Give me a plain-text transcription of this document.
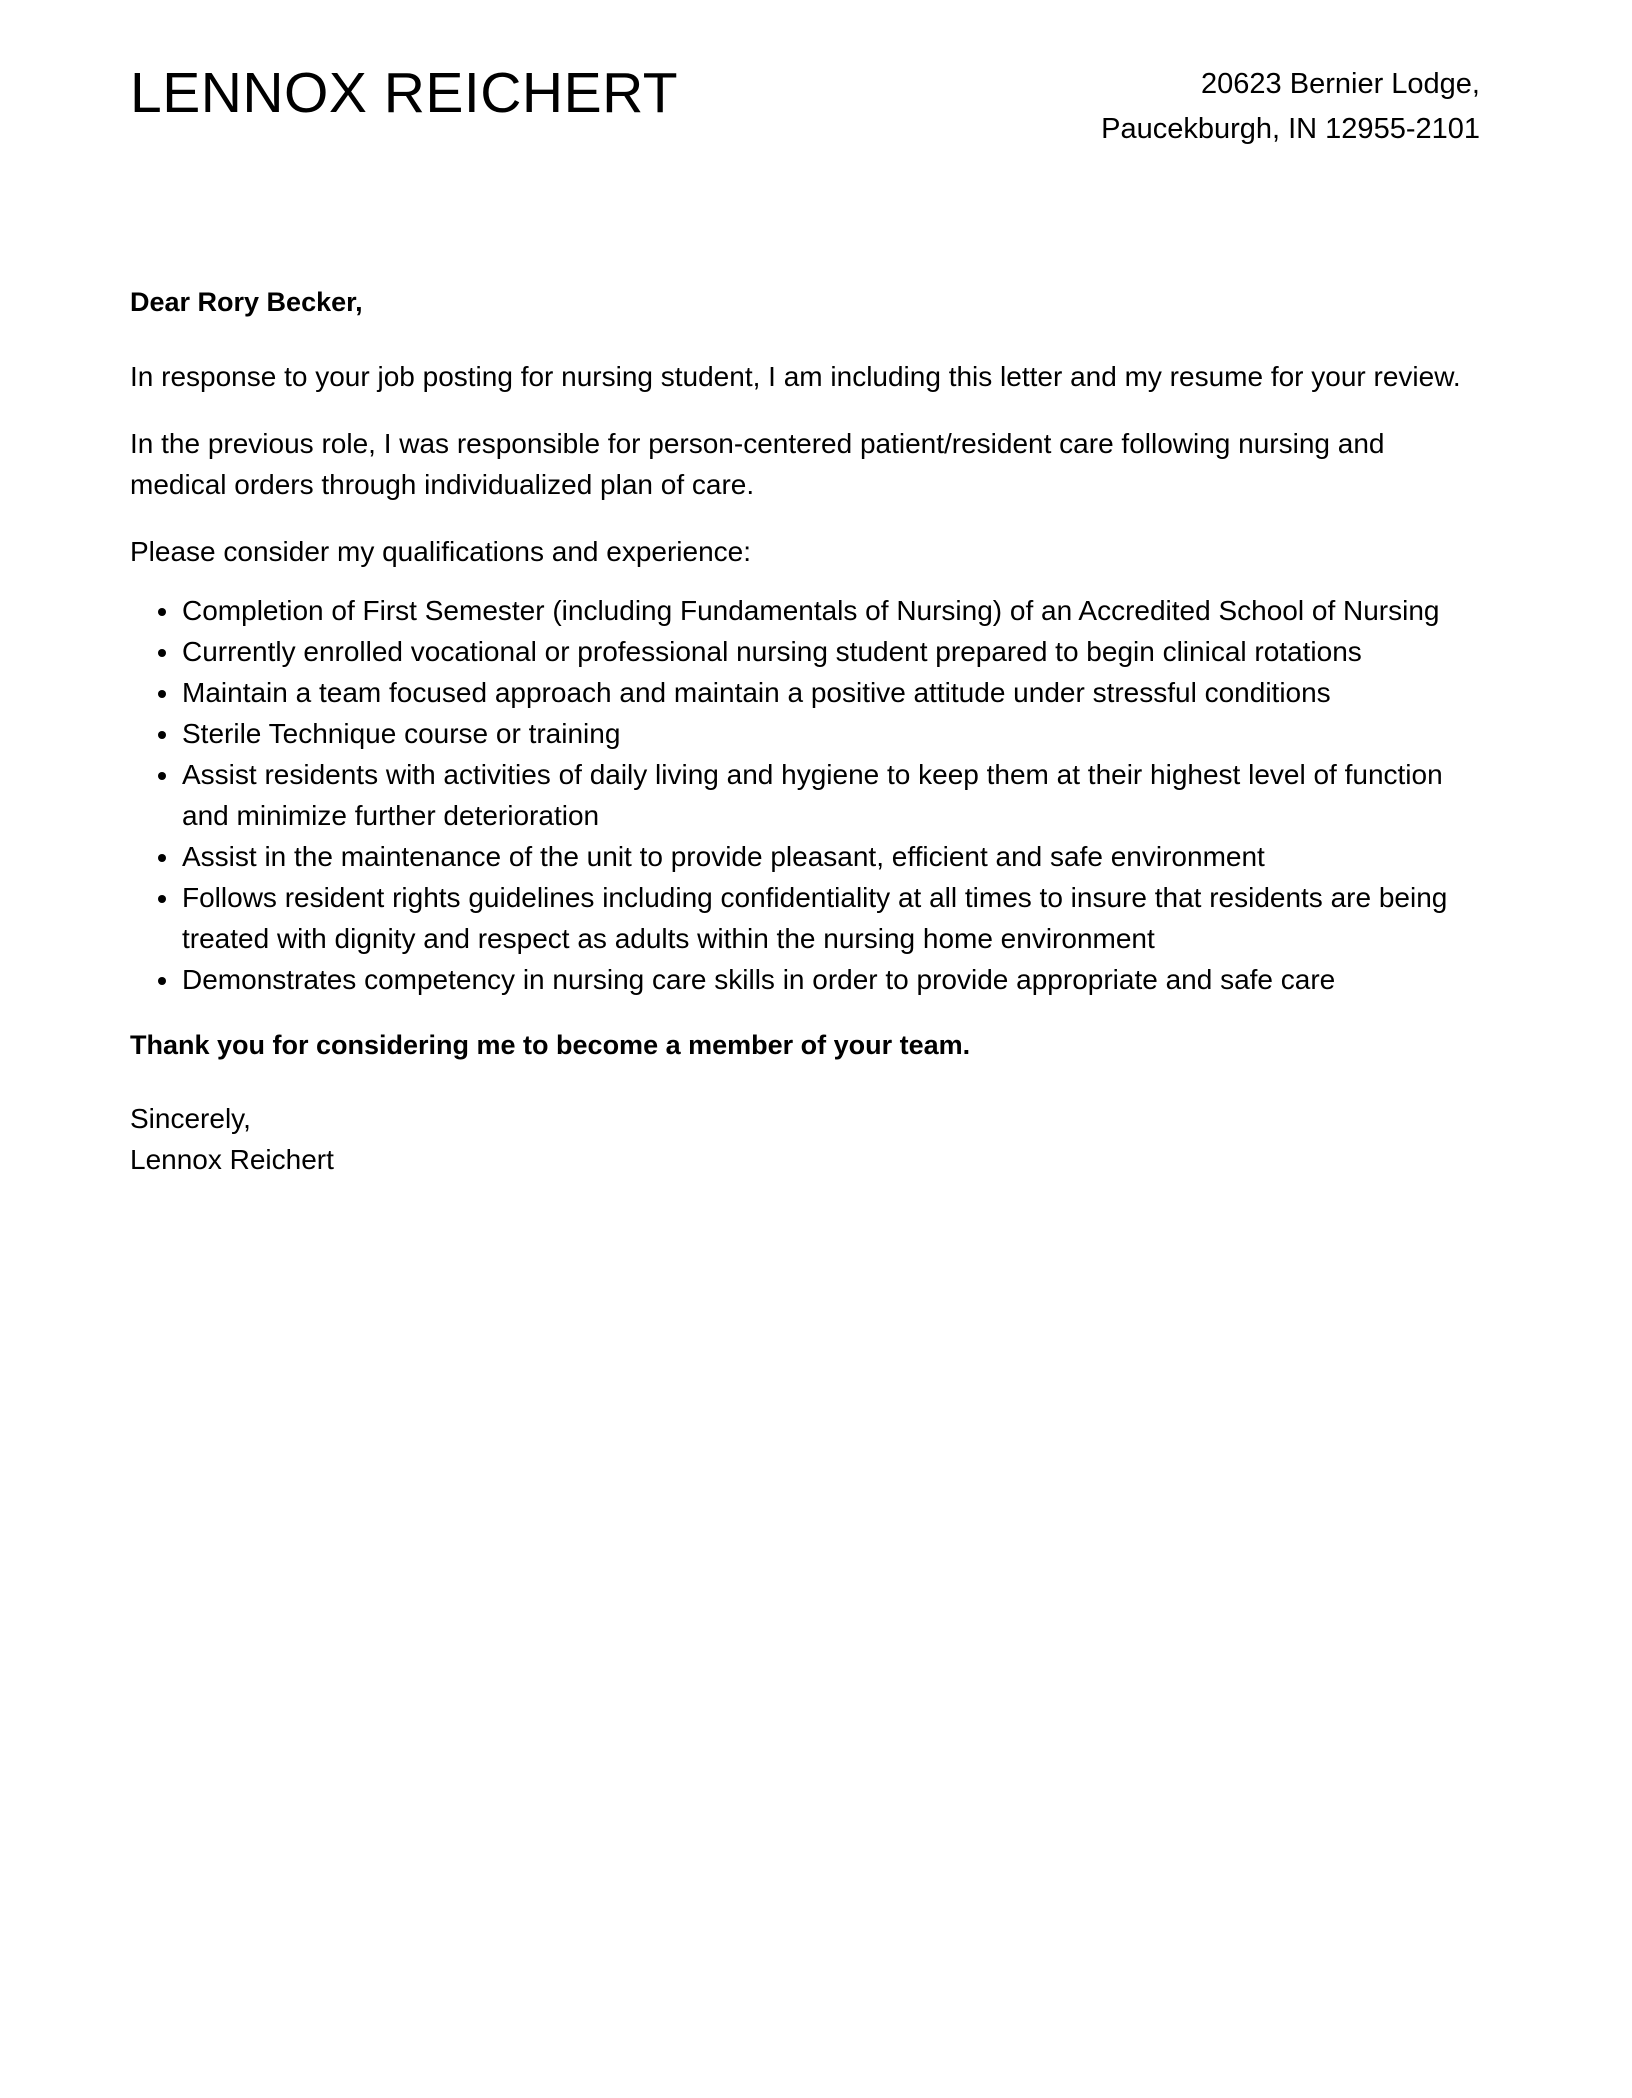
LENNOX REICHERT	20623 Bernier Lodge,
Paucekburgh, IN 12955-2101

Dear Rory Becker,

In response to your job posting for nursing student, I am including this letter and my resume for your review.

In the previous role, I was responsible for person-centered patient/resident care following nursing and medical orders through individualized plan of care.

Please consider my qualifications and experience:

Completion of First Semester (including Fundamentals of Nursing) of an Accredited School of Nursing
Currently enrolled vocational or professional nursing student prepared to begin clinical rotations
Maintain a team focused approach and maintain a positive attitude under stressful conditions
Sterile Technique course or training
Assist residents with activities of daily living and hygiene to keep them at their highest level of function and minimize further deterioration
Assist in the maintenance of the unit to provide pleasant, efficient and safe environment
Follows resident rights guidelines including confidentiality at all times to insure that residents are being treated with dignity and respect as adults within the nursing home environment
Demonstrates competency in nursing care skills in order to provide appropriate and safe care

Thank you for considering me to become a member of your team.

Sincerely,
Lennox Reichert
